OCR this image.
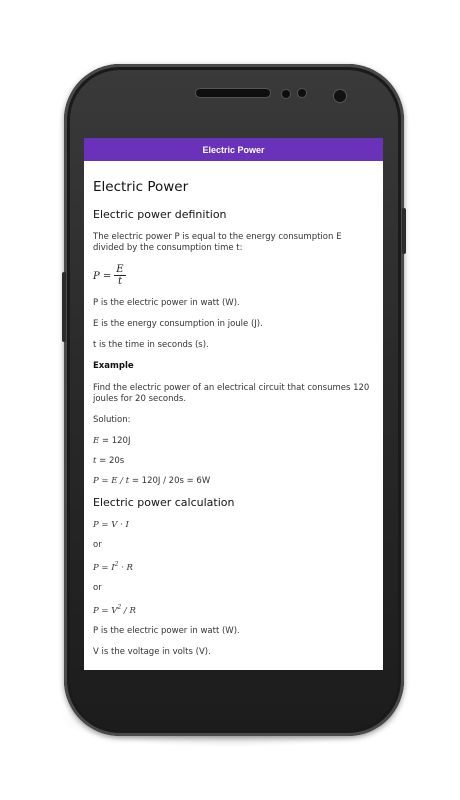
Electric Power
Electric Power
Electric power definition
The electric power P is equal to the energy consumption E divided by the consumption time t:
$P = \frac{E}{t}$
P is the electric power in watt (W).
E is the energy consumption in joule (J).
t is the time in seconds (s).
Example
Find the electric power of an electrical circuit that consumes 120 joules for 20 seconds.
Solution:
E = 120J
t = 20s
P = E / t = 120J / 20s = 6W
Electric power calculation
P = V · I
or
$P = I^2 \cdot R$
or
$P = V^2 / R$
P is the electric power in watt (W).
V is the voltage in volts (V).
